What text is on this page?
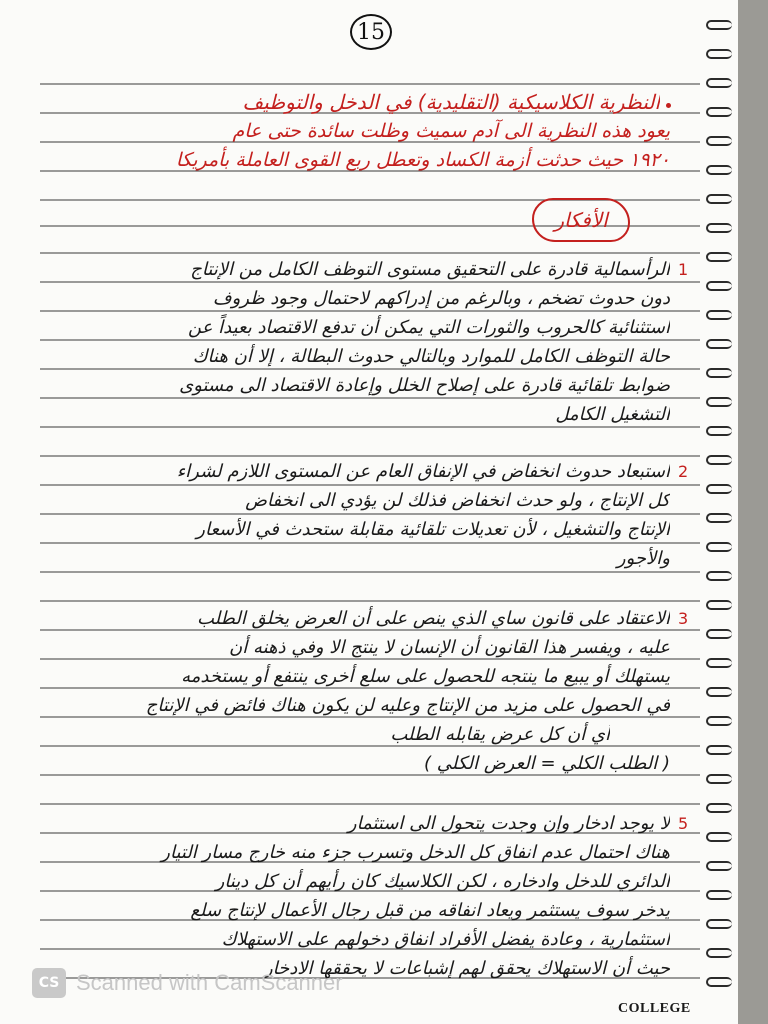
15
النظرية الكلاسيكية (التقليدية) في الدخل والتوظيف
يعود هذه النظرية الى آدم سميث وظلت سائدة حتى عام
١٩٢٠ حيث حدثت أزمة الكساد وتعطل ربع القوى العاملة بأمريكا
الأفكار
1
الرأسمالية قادرة على التحقيق مستوى التوظف الكامل من الإنتاج
دون حدوث تضخم ، وبالرغم من إدراكهم لاحتمال وجود ظروف
استثنائية كالحروب والثورات التي يمكن أن تدفع الاقتصاد بعيداً عن
حالة التوظف الكامل للموارد وبالتالي حدوث البطالة ، إلا أن هناك
ضوابط تلقائية قادرة على إصلاح الخلل وإعادة الاقتصاد الى مستوى
التشغيل الكامل
2
استبعاد حدوث انخفاض في الإنفاق العام عن المستوى اللازم لشراء
كل الإنتاج ، ولو حدث انخفاض فذلك لن يؤدي الى انخفاض
الإنتاج والتشغيل ، لأن تعديلات تلقائية مقابلة ستحدث في الأسعار
والأجور
3
الاعتقاد على قانون ساي الذي ينص على أن العرض يخلق الطلب
عليه ، ويفسر هذا القانون أن الإنسان لا ينتج الا وفي ذهنه أن
يستهلك أو يبيع ما ينتجه للحصول على سلع أخرى ينتفع أو يستخدمه
في الحصول على مزيد من الإنتاج وعليه لن يكون هناك فائض في الإنتاج
أي أن كل عرض يقابله الطلب
( الطلب الكلي = العرض الكلي )
5
لا يوجد ادخار وإن وجدت يتحول الى استثمار
هناك احتمال عدم انفاق كل الدخل وتسرب جزء منه خارج مسار التيار
الدائري للدخل وادخاره ، لكن الكلاسيك كان رأيهم أن كل دينار
يدخر سوف يستثمر ويعاد انفاقه من قبل رجال الأعمال لإنتاج سلع
استثمارية ، وعادة يفضل الأفراد انفاق دخولهم على الاستهلاك
حيث أن الاستهلاك يحقق لهم إشباعات لا يحققها الادخار
CS Scanned with CamScanner
COLLEGE
